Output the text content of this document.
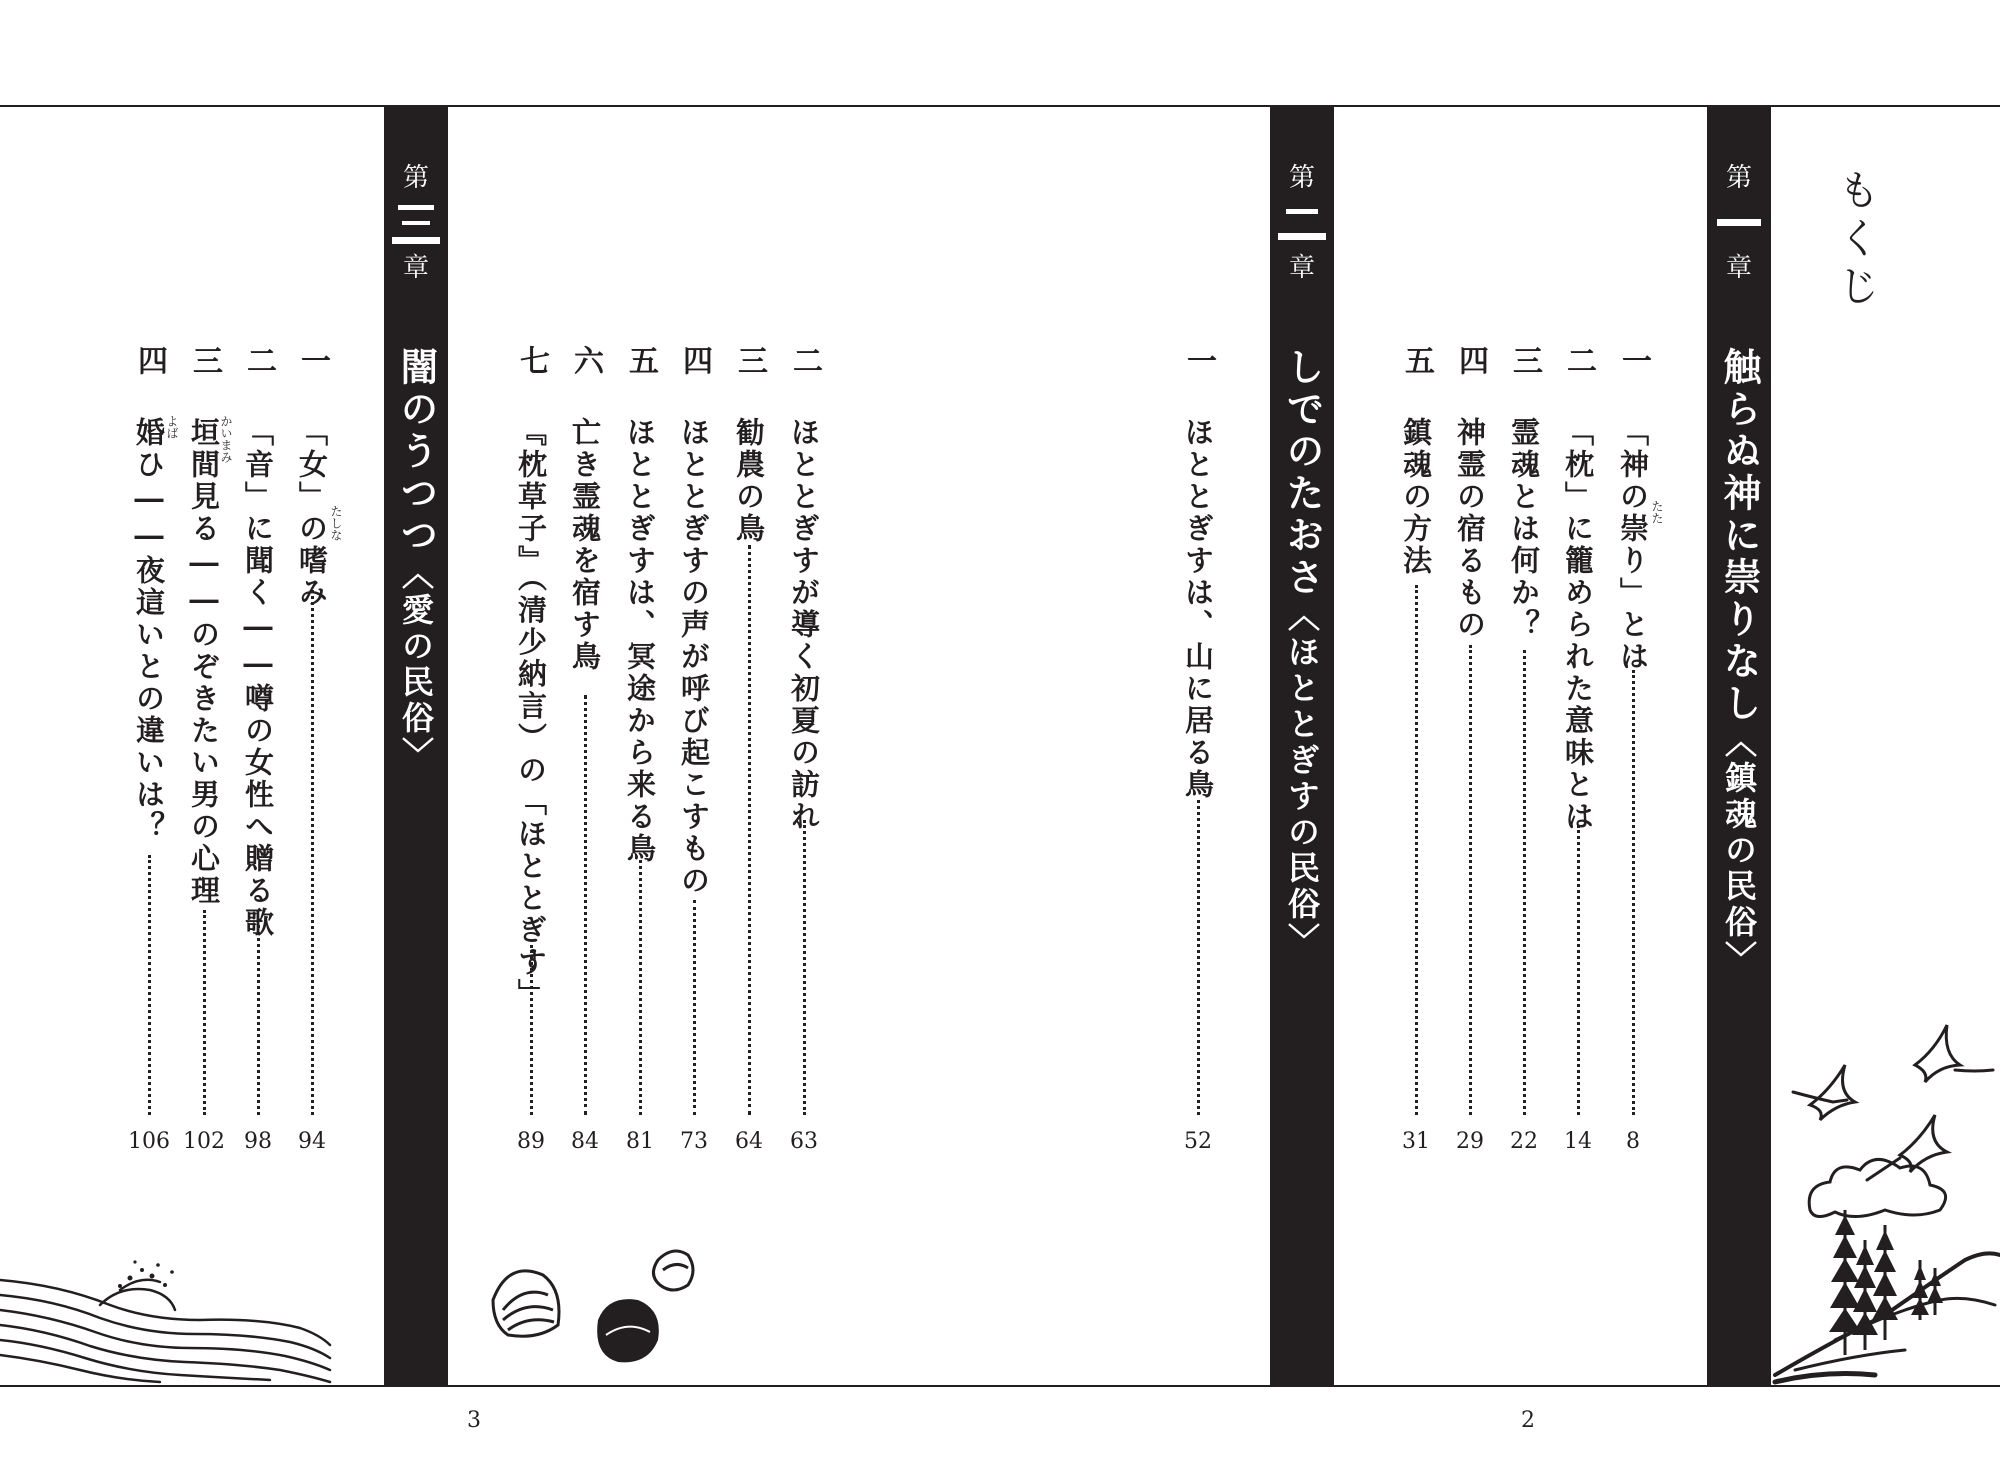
もくじ
第
章
触らぬ神に崇りなし〈鎮魂の民俗〉
第
章
しでのたおさ〈ほととぎすの民俗〉
第
章
闇のうつつ〈愛の民俗〉
一
「神の崇り」とは たた
8
二
「枕」に籠められた意味とは
14
三
霊魂とは何か？
22
四
神霊の宿るもの
29
五
鎮魂の方法
31
一
ほととぎすは、山に居る鳥
52
二
ほととぎすが導く初夏の訪れ
63
三
勧農の鳥
64
四
ほととぎすの声が呼び起こすもの
73
五
ほととぎすは、冥途から来る鳥
81
六
亡き霊魂を宿す鳥
84
七
『枕草子』（清少納言）の「ほととぎす」
89
一
「女」の嗜み たしな
94
二
「音」に聞く――噂の女性へ贈る歌
98
三
垣間見る――のぞきたい男の心理
かいまみ
102
四
婚ひ――夜這いとの違いは？ よば
106
3	2
